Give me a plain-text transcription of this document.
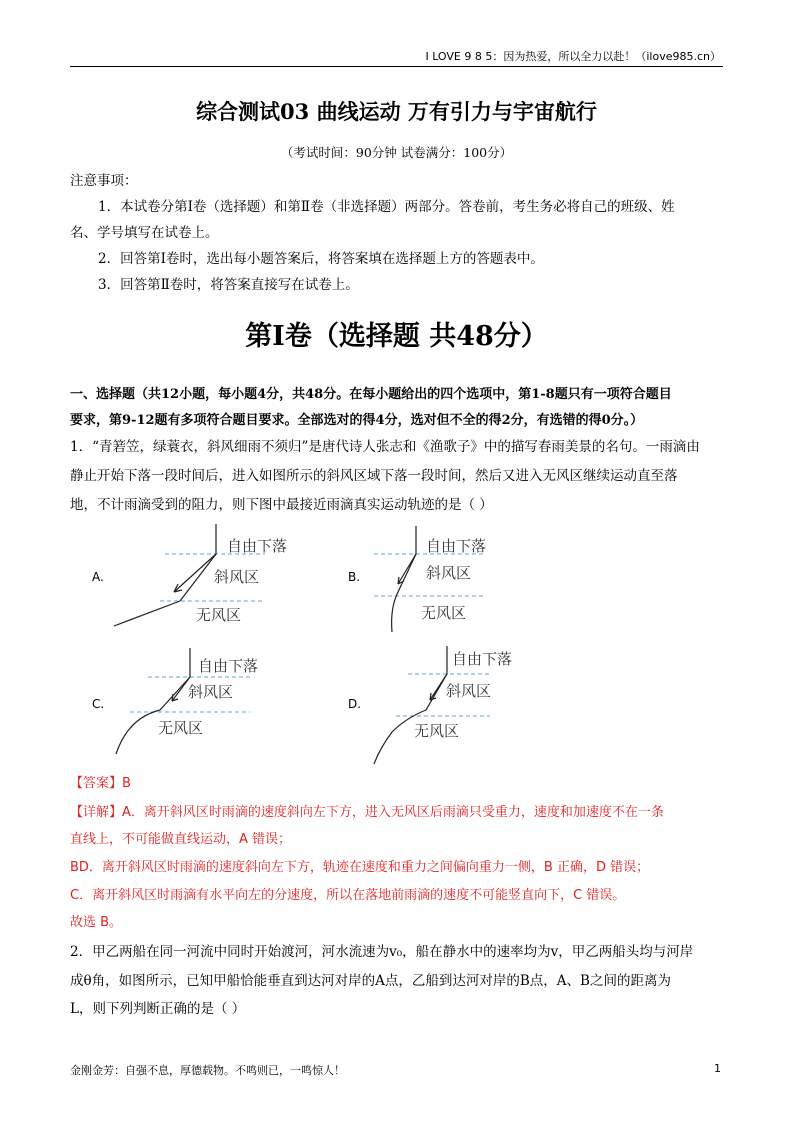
I LOVE 9 8 5：因为热爱，所以全力以赴！（ilove985.cn）
综合测试03 曲线运动 万有引力与宇宙航行
（考试时间：90分钟 试卷满分：100分）
注意事项：
1．本试卷分第Ⅰ卷（选择题）和第Ⅱ卷（非选择题）两部分。答卷前，考生务必将自己的班级、姓
名、学号填写在试卷上。
2．回答第Ⅰ卷时，选出每小题答案后，将答案填在选择题上方的答题表中。
3．回答第Ⅱ卷时，将答案直接写在试卷上。
第Ⅰ卷（选择题 共48分）
一、选择题（共12小题，每小题4分，共48分。在每小题给出的四个选项中，第1-8题只有一项符合题目
要求，第9-12题有多项符合题目要求。全部选对的得4分，选对但不全的得2分，有选错的得0分。）
1．“青箬笠，绿蓑衣，斜风细雨不须归”是唐代诗人张志和《渔歌子》中的描写春雨美景的名句。一雨滴由
静止开始下落一段时间后，进入如图所示的斜风区域下落一段时间，然后又进入无风区继续运动直至落
地，不计雨滴受到的阻力，则下图中最接近雨滴真实运动轨迹的是（ ）
A.
自由下落
斜风区
无风区
B.
自由下落
斜风区
无风区
C.
自由下落
斜风区
无风区
D.
自由下落
斜风区
无风区
【答案】B
【详解】A．离开斜风区时雨滴的速度斜向左下方，进入无风区后雨滴只受重力，速度和加速度不在一条
直线上，不可能做直线运动，A 错误；
BD．离开斜风区时雨滴的速度斜向左下方，轨迹在速度和重力之间偏向重力一侧，B 正确，D 错误；
C．离开斜风区时雨滴有水平向左的分速度，所以在落地前雨滴的速度不可能竖直向下，C 错误。
故选 B。
2．甲乙两船在同一河流中同时开始渡河，河水流速为v₀，船在静水中的速率均为v，甲乙两船头均与河岸
成θ角，如图所示，已知甲船恰能垂直到达河对岸的A点，乙船到达河对岸的B点，A、B之间的距离为
L，则下列判断正确的是（ ）
金刚金芳：自强不息，厚德载物。不鸣则已，一鸣惊人！	1
